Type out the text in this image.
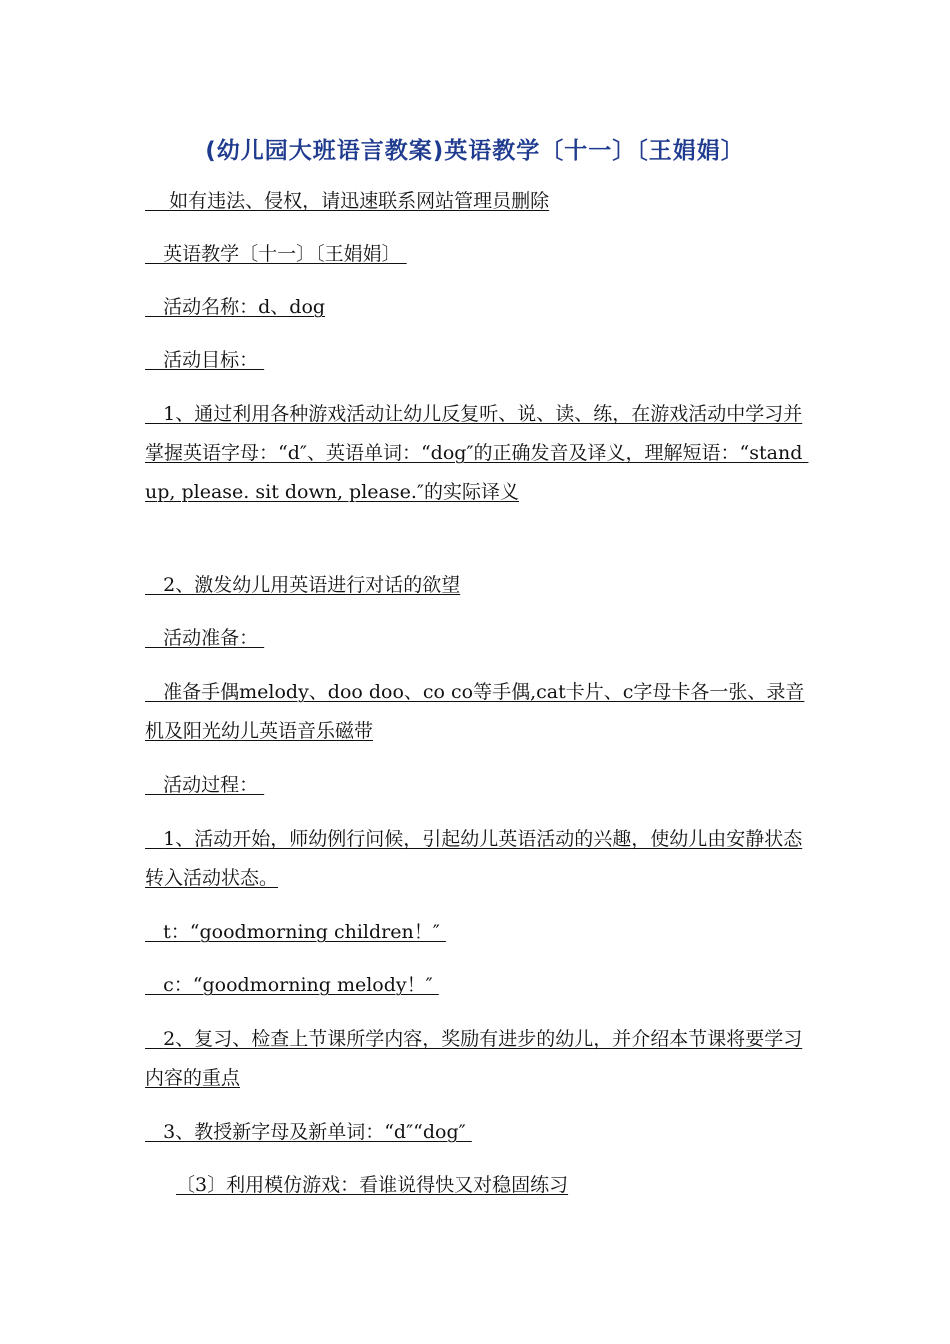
(幼儿园大班语言教案)英语教学〔十一〕〔王娟娟〕
如有违法、侵权，请迅速联系网站管理员删除
英语教学〔十一〕〔王娟娟〕
活动名称：d、dog
活动目标：
1、通过利用各种游戏活动让幼儿反复听、说、读、练，在游戏活动中学习并掌握英语字母：“d″、英语单词：“dog″的正确发音及译义，理解短语：“stand up, please. sit down, please.″的实际译义
2、激发幼儿用英语进行对话的欲望
活动准备：
准备手偶melody、doo doo、co co等手偶,cat卡片、c字母卡各一张、录音机及阳光幼儿英语音乐磁带
活动过程：
1、活动开始，师幼例行问候，引起幼儿英语活动的兴趣，使幼儿由安静状态转入活动状态。
t：“goodmorning children！″
c：“goodmorning melody！″
2、复习、检查上节课所学内容，奖励有进步的幼儿，并介绍本节课将要学习内容的重点
3、教授新字母及新单词：“d″“dog″
〔3〕利用模仿游戏：看谁说得快又对稳固练习
